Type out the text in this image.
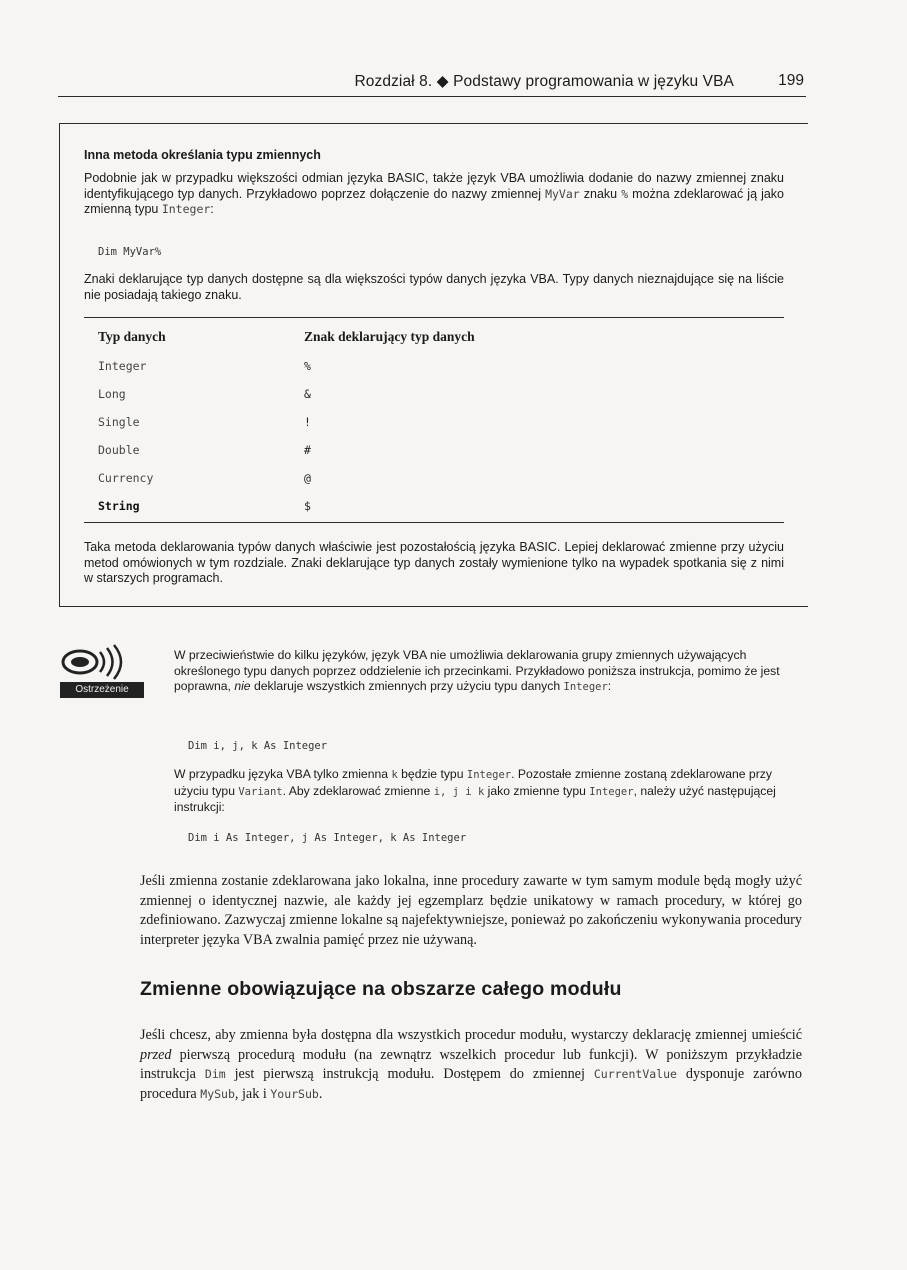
Rozdział 8. ◆ Podstawy programowania w języku VBA	199
Inna metoda określania typu zmiennych
Podobnie jak w przypadku większości odmian języka BASIC, także język VBA umożliwia dodanie do nazwy zmiennej znaku identyfikującego typ danych. Przykładowo poprzez dołączenie do nazwy zmiennej MyVar znaku % można zdeklarować ją jako zmienną typu Integer:
Dim MyVar%
Znaki deklarujące typ danych dostępne są dla większości typów danych języka VBA. Typy danych nieznajdujące się na liście nie posiadają takiego znaku.
Typ danych	Znak deklarujący typ danych
Integer	%
Long	&
Single	!
Double	#
Currency	@
String	$
Taka metoda deklarowania typów danych właściwie jest pozostałością języka BASIC. Lepiej deklarować zmienne przy użyciu metod omówionych w tym rozdziale. Znaki deklarujące typ danych zostały wymienione tylko na wypadek spotkania się z nimi w starszych programach.
Ostrzeżenie
W przeciwieństwie do kilku języków, język VBA nie umożliwia deklarowania grupy zmiennych używających określonego typu danych poprzez oddzielenie ich przecinkami. Przykładowo poniższa instrukcja, pomimo że jest poprawna, nie deklaruje wszystkich zmiennych przy użyciu typu danych Integer:
Dim i, j, k As Integer
W przypadku języka VBA tylko zmienna k będzie typu Integer. Pozostałe zmienne zostaną zdeklarowane przy użyciu typu Variant. Aby zdeklarować zmienne i, j i k jako zmienne typu Integer, należy użyć następującej instrukcji:
Dim i As Integer, j As Integer, k As Integer
Jeśli zmienna zostanie zdeklarowana jako lokalna, inne procedury zawarte w tym samym module będą mogły użyć zmiennej o identycznej nazwie, ale każdy jej egzemplarz będzie unikatowy w ramach procedury, w której go zdefiniowano. Zazwyczaj zmienne lokalne są najefektywniejsze, ponieważ po zakończeniu wykonywania procedury interpreter języka VBA zwalnia pamięć przez nie używaną.
Zmienne obowiązujące na obszarze całego modułu
Jeśli chcesz, aby zmienna była dostępna dla wszystkich procedur modułu, wystarczy deklarację zmiennej umieścić przed pierwszą procedurą modułu (na zewnątrz wszelkich procedur lub funkcji). W poniższym przykładzie instrukcja Dim jest pierwszą instrukcją modułu. Dostępem do zmiennej CurrentValue dysponuje zarówno procedura MySub, jak i YourSub.
